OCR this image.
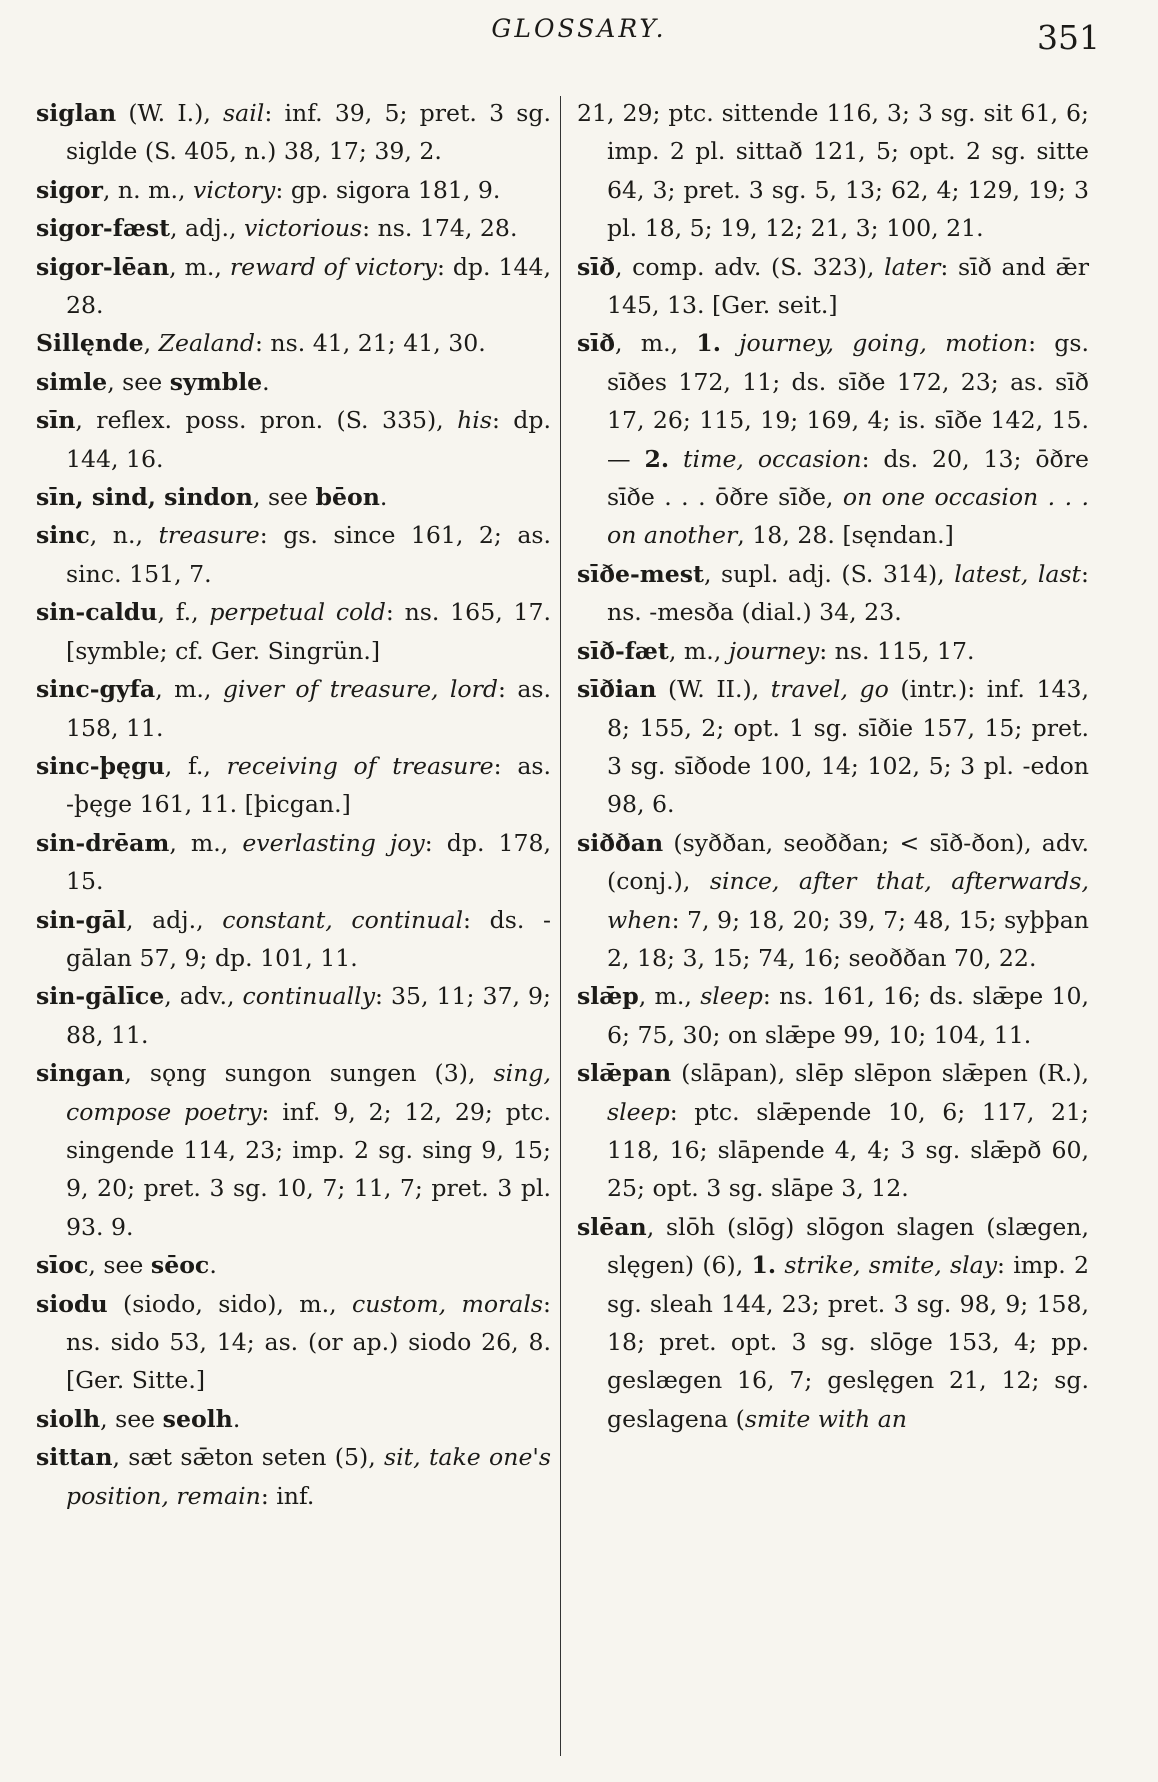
GLOSSARY.	351
siglan (W. I.), sail: inf. 39, 5; pret. 3 sg. siglde (S. 405, n.) 38, 17; 39, 2.
sigor, n. m., victory: gp. sigora 181, 9.
sigor-fæst, adj., victorious: ns. 174, 28.
sigor-lēan, m., reward of victory: dp. 144, 28.
Sillęnde, Zealand: ns. 41, 21; 41, 30.
simle, see symble.
sīn, reflex. poss. pron. (S. 335), his: dp. 144, 16.
sīn, sind, sindon, see bēon.
sinc, n., treasure: gs. since 161, 2; as. sinc. 151, 7.
sin-caldu, f., perpetual cold: ns. 165, 17. [symble; cf. Ger. Singrün.]
sinc-gyfa, m., giver of treasure, lord: as. 158, 11.
sinc-þęgu, f., receiving of treasure: as. -þęge 161, 11. [þicgan.]
sin-drēam, m., everlasting joy: dp. 178, 15.
sin-gāl, adj., constant, continual: ds. -gālan 57, 9; dp. 101, 11.
sin-gālīce, adv., continually: 35, 11; 37, 9; 88, 11.
singan, sǫng sungon sungen (3), sing, compose poetry: inf. 9, 2; 12, 29; ptc. singende 114, 23; imp. 2 sg. sing 9, 15; 9, 20; pret. 3 sg. 10, 7; 11, 7; pret. 3 pl. 93. 9.
sīoc, see sēoc.
siodu (siodo, sido), m., custom, morals: ns. sido 53, 14; as. (or ap.) siodo 26, 8. [Ger. Sitte.]
siolh, see seolh.
sittan, sæt sǣton seten (5), sit, take one's position, remain: inf.
21, 29; ptc. sittende 116, 3; 3 sg. sit 61, 6; imp. 2 pl. sittað 121, 5; opt. 2 sg. sitte 64, 3; pret. 3 sg. 5, 13; 62, 4; 129, 19; 3 pl. 18, 5; 19, 12; 21, 3; 100, 21.
sīð, comp. adv. (S. 323), later: sīð and ǣr 145, 13. [Ger. seit.]
sīð, m., 1. journey, going, motion: gs. sīðes 172, 11; ds. sīðe 172, 23; as. sīð 17, 26; 115, 19; 169, 4; is. sīðe 142, 15. — 2. time, occasion: ds. 20, 13; ōðre sīðe . . . ōðre sīðe, on one occasion . . . on another, 18, 28. [sęndan.]
sīðe-mest, supl. adj. (S. 314), latest, last: ns. -mesða (dial.) 34, 23.
sīð-fæt, m., journey: ns. 115, 17.
sīðian (W. II.), travel, go (intr.): inf. 143, 8; 155, 2; opt. 1 sg. sīðie 157, 15; pret. 3 sg. sīðode 100, 14; 102, 5; 3 pl. -edon 98, 6.
siððan (syððan, seoððan; < sīð-ðon), adv. (conj.), since, after that, afterwards, when: 7, 9; 18, 20; 39, 7; 48, 15; syþþan 2, 18; 3, 15; 74, 16; seoððan 70, 22.
slǣp, m., sleep: ns. 161, 16; ds. slǣpe 10, 6; 75, 30; on slǣpe 99, 10; 104, 11.
slǣpan (slāpan), slēp slēpon slǣpen (R.), sleep: ptc. slǣpende 10, 6; 117, 21; 118, 16; slāpende 4, 4; 3 sg. slǣpð 60, 25; opt. 3 sg. slāpe 3, 12.
slēan, slōh (slōg) slōgon slagen (slægen, slęgen) (6), 1. strike, smite, slay: imp. 2 sg. sleah 144, 23; pret. 3 sg. 98, 9; 158, 18; pret. opt. 3 sg. slōge 153, 4; pp. geslægen 16, 7; geslęgen 21, 12; sg. geslagena (smite with an
